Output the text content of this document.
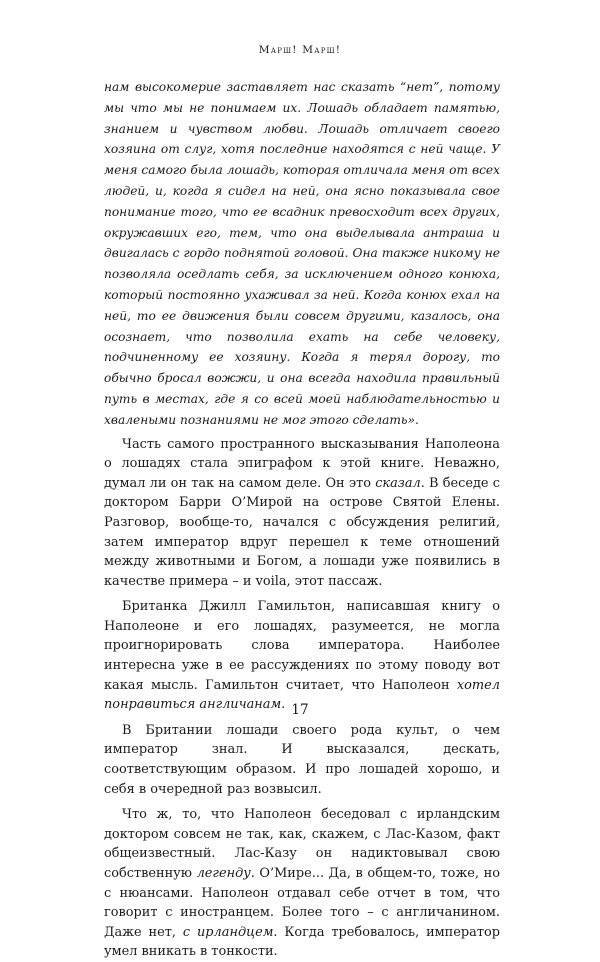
Марш! Марш!

нам высокомерие заставляет нас сказать “нет”, потому мы что мы не понимаем их. Лошадь обладает памятью, знанием и чувством любви. Лошадь отличает своего хозяина от слуг, хотя последние находятся с ней чаще. У меня самого была лошадь, которая отличала меня от всех людей, и, когда я сидел на ней, она ясно показывала свое понимание того, что ее всадник превосходит всех других, окружавших его, тем, что она выделывала антраша и двигалась с гордо поднятой головой. Она также никому не позволяла оседлать себя, за исключением одного конюха, который постоянно ухаживал за ней. Когда конюх ехал на ней, то ее движения были совсем другими, казалось, она осознает, что позволила ехать на себе человеку, подчиненному ее хозяину. Когда я терял дорогу, то обычно бросал вожжи, и она всегда находила правильный путь в местах, где я со всей моей наблюдательностью и хвалеными познаниями не мог этого сделать».

Часть самого пространного высказывания Наполеона о лошадях стала эпиграфом к этой книге. Неважно, думал ли он так на самом деле. Он это сказал. В беседе с доктором Барри О’Мирой на острове Святой Елены. Разговор, вообще-то, начался с обсуждения религий, затем император вдруг перешел к теме отношений между животными и Богом, а лошади уже появились в качестве примера – и voila, этот пассаж.

Британка Джилл Гамильтон, написавшая книгу о Наполеоне и его лошадях, разумеется, не могла проигнорировать слова императора. Наиболее интересна уже в ее рассуждениях по этому поводу вот какая мысль. Гамильтон считает, что Наполеон хотел понравиться англичанам.

В Британии лошади своего рода культ, о чем император знал. И высказался, дескать, соответствующим образом. И про лошадей хорошо, и себя в очередной раз возвысил.

Что ж, то, что Наполеон беседовал с ирландским доктором совсем не так, как, скажем, с Лас-Казом, факт общеизвестный. Лас-Казу он надиктовывал свою собственную легенду. О’Мире... Да, в общем-то, тоже, но с нюансами. Наполеон отдавал себе отчет в том, что говорит с иностранцем. Более того – с англичанином. Даже нет, с ирландцем. Когда требовалось, император умел вникать в тонкости.

17
